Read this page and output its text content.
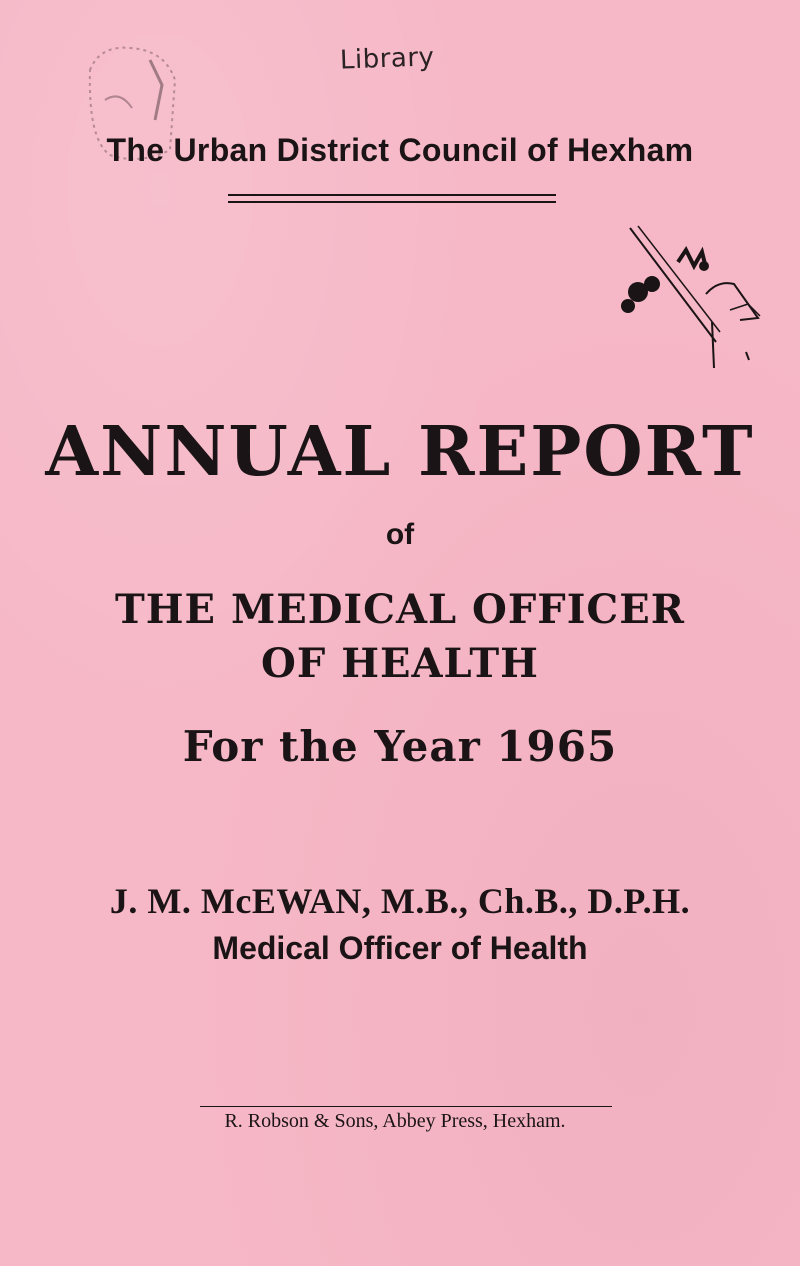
Library
The Urban District Council of Hexham
ANNUAL REPORT
of
THE MEDICAL OFFICER
OF HEALTH
For the Year 1965
J. M. McEWAN, M.B., Ch.B., D.P.H.
Medical Officer of Health
R. Robson & Sons, Abbey Press, Hexham.
